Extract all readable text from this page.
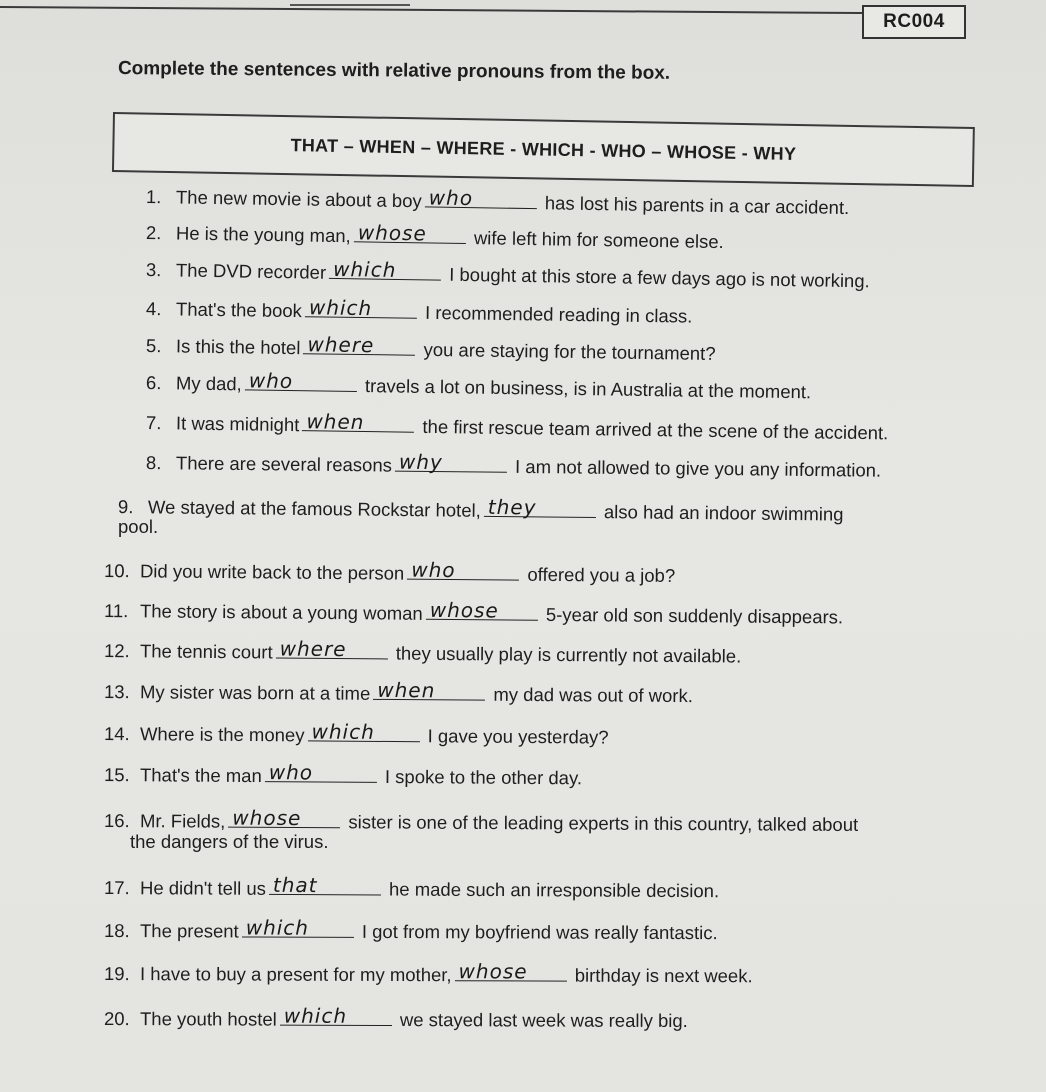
RC004
Complete the sentences with relative pronouns from the box.
THAT – WHEN – WHERE - WHICH - WHO – WHOSE - WHY
1. The new movie is about a boy who	has lost his parents in a car accident.
2. He is the young man, whose	wife left him for someone else.
3. The DVD recorder which	I bought at this store a few days ago is not working.
4. That's the book which	I recommended reading in class.
5. Is this the hotel where	you are staying for the tournament?
6. My dad, who	travels a lot on business, is in Australia at the moment.
7. It was midnight when	the first rescue team arrived at the scene of the accident.
8. There are several reasons why	I am not allowed to give you any information.
9. We stayed at the famous Rockstar hotel, they	also had an indoor swimming
pool.
10. Did you write back to the person who	offered you a job?
11. The story is about a young woman whose	5-year old son suddenly disappears.
12. The tennis court where	they usually play is currently not available.
13. My sister was born at a time when	my dad was out of work.
14. Where is the money which	I gave you yesterday?
15. That's the man who	I spoke to the other day.
16. Mr. Fields, whose	sister is one of the leading experts in this country, talked about
the dangers of the virus.
17. He didn't tell us that	he made such an irresponsible decision.
18. The present which	I got from my boyfriend was really fantastic.
19. I have to buy a present for my mother, whose	birthday is next week.
20. The youth hostel which	we stayed last week was really big.
